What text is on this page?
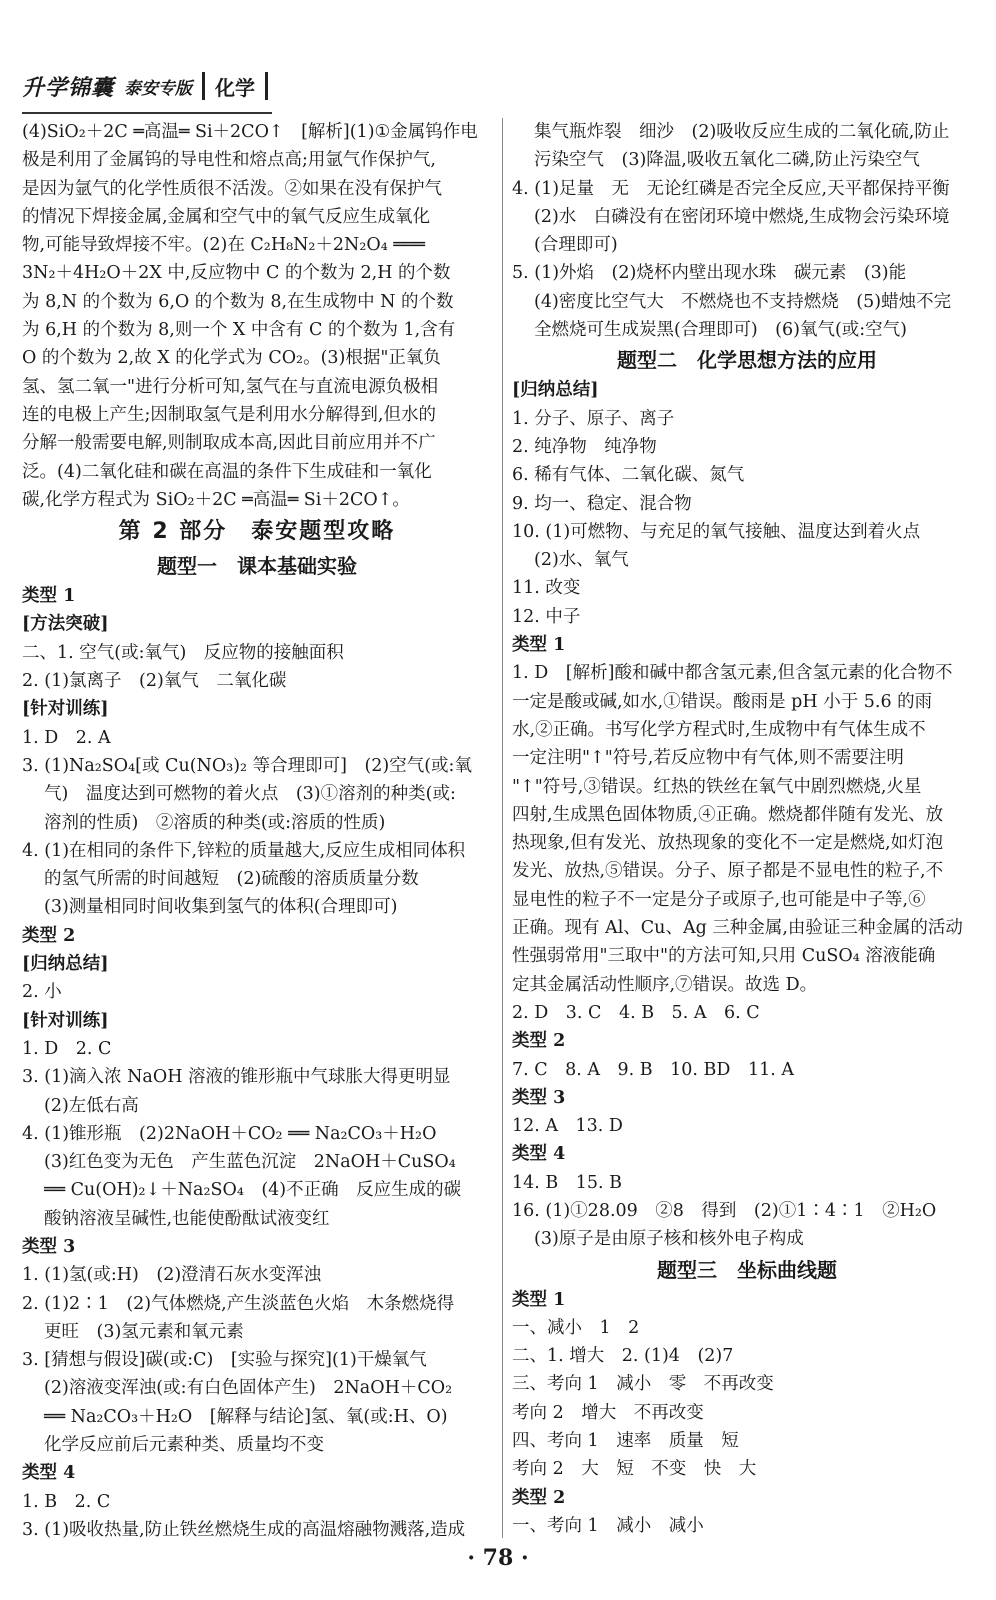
升学锦囊 泰安专版 化学
(4)SiO₂＋2C ═高温═ Si＋2CO↑　[解析](1)①金属钨作电
极是利用了金属钨的导电性和熔点高;用氩气作保护气,
是因为氩气的化学性质很不活泼。②如果在没有保护气
的情况下焊接金属,金属和空气中的氧气反应生成氧化
物,可能导致焊接不牢。(2)在 C₂H₈N₂＋2N₂O₄ ═══
3N₂＋4H₂O＋2X 中,反应物中 C 的个数为 2,H 的个数
为 8,N 的个数为 6,O 的个数为 8,在生成物中 N 的个数
为 6,H 的个数为 8,则一个 X 中含有 C 的个数为 1,含有
O 的个数为 2,故 X 的化学式为 CO₂。(3)根据"正氧负
氢、氢二氧一"进行分析可知,氢气在与直流电源负极相
连的电极上产生;因制取氢气是利用水分解得到,但水的
分解一般需要电解,则制取成本高,因此目前应用并不广
泛。(4)二氧化硅和碳在高温的条件下生成硅和一氧化
碳,化学方程式为 SiO₂＋2C ═高温═ Si＋2CO↑。
第 2 部分　泰安题型攻略
题型一　课本基础实验
类型 1
[方法突破]
二、1. 空气(或:氧气)　反应物的接触面积
2. (1)氯离子　(2)氧气　二氧化碳
[针对训练]
1. D　2. A
3. (1)Na₂SO₄[或 Cu(NO₃)₂ 等合理即可]　(2)空气(或:氧
气)　温度达到可燃物的着火点　(3)①溶剂的种类(或:
溶剂的性质)　②溶质的种类(或:溶质的性质)
4. (1)在相同的条件下,锌粒的质量越大,反应生成相同体积
的氢气所需的时间越短　(2)硫酸的溶质质量分数
(3)测量相同时间收集到氢气的体积(合理即可)
类型 2
[归纳总结]
2. 小
[针对训练]
1. D　2. C
3. (1)滴入浓 NaOH 溶液的锥形瓶中气球胀大得更明显
(2)左低右高
4. (1)锥形瓶　(2)2NaOH＋CO₂ ══ Na₂CO₃＋H₂O
(3)红色变为无色　产生蓝色沉淀　2NaOH＋CuSO₄
══ Cu(OH)₂↓＋Na₂SO₄　(4)不正确　反应生成的碳
酸钠溶液呈碱性,也能使酚酞试液变红
类型 3
1. (1)氢(或:H)　(2)澄清石灰水变浑浊
2. (1)2∶1　(2)气体燃烧,产生淡蓝色火焰　木条燃烧得
更旺　(3)氢元素和氧元素
3. [猜想与假设]碳(或:C)　[实验与探究](1)干燥氧气
(2)溶液变浑浊(或:有白色固体产生)　2NaOH＋CO₂
══ Na₂CO₃＋H₂O　[解释与结论]氢、氧(或:H、O)
化学反应前后元素种类、质量均不变
类型 4
1. B　2. C
3. (1)吸收热量,防止铁丝燃烧生成的高温熔融物溅落,造成
集气瓶炸裂　细沙　(2)吸收反应生成的二氧化硫,防止
污染空气　(3)降温,吸收五氧化二磷,防止污染空气
4. (1)足量　无　无论红磷是否完全反应,天平都保持平衡
(2)水　白磷没有在密闭环境中燃烧,生成物会污染环境
(合理即可)
5. (1)外焰　(2)烧杯内壁出现水珠　碳元素　(3)能
(4)密度比空气大　不燃烧也不支持燃烧　(5)蜡烛不完
全燃烧可生成炭黑(合理即可)　(6)氧气(或:空气)
题型二　化学思想方法的应用
[归纳总结]
1. 分子、原子、离子
2. 纯净物　纯净物
6. 稀有气体、二氧化碳、氮气
9. 均一、稳定、混合物
10. (1)可燃物、与充足的氧气接触、温度达到着火点
(2)水、氧气
11. 改变
12. 中子
类型 1
1. D　[解析]酸和碱中都含氢元素,但含氢元素的化合物不
一定是酸或碱,如水,①错误。酸雨是 pH 小于 5.6 的雨
水,②正确。书写化学方程式时,生成物中有气体生成不
一定注明"↑"符号,若反应物中有气体,则不需要注明
"↑"符号,③错误。红热的铁丝在氧气中剧烈燃烧,火星
四射,生成黑色固体物质,④正确。燃烧都伴随有发光、放
热现象,但有发光、放热现象的变化不一定是燃烧,如灯泡
发光、放热,⑤错误。分子、原子都是不显电性的粒子,不
显电性的粒子不一定是分子或原子,也可能是中子等,⑥
正确。现有 Al、Cu、Ag 三种金属,由验证三种金属的活动
性强弱常用"三取中"的方法可知,只用 CuSO₄ 溶液能确
定其金属活动性顺序,⑦错误。故选 D。
2. D　3. C　4. B　5. A　6. C
类型 2
7. C　8. A　9. B　10. BD　11. A
类型 3
12. A　13. D
类型 4
14. B　15. B
16. (1)①28.09　②8　得到　(2)①1∶4∶1　②H₂O
(3)原子是由原子核和核外电子构成
题型三　坐标曲线题
类型 1
一、减小　1　2
二、1. 增大　2. (1)4　(2)7
三、考向 1　减小　零　不再改变
考向 2　增大　不再改变
四、考向 1　速率　质量　短
考向 2　大　短　不变　快　大
类型 2
一、考向 1　减小　减小
· 78 ·
